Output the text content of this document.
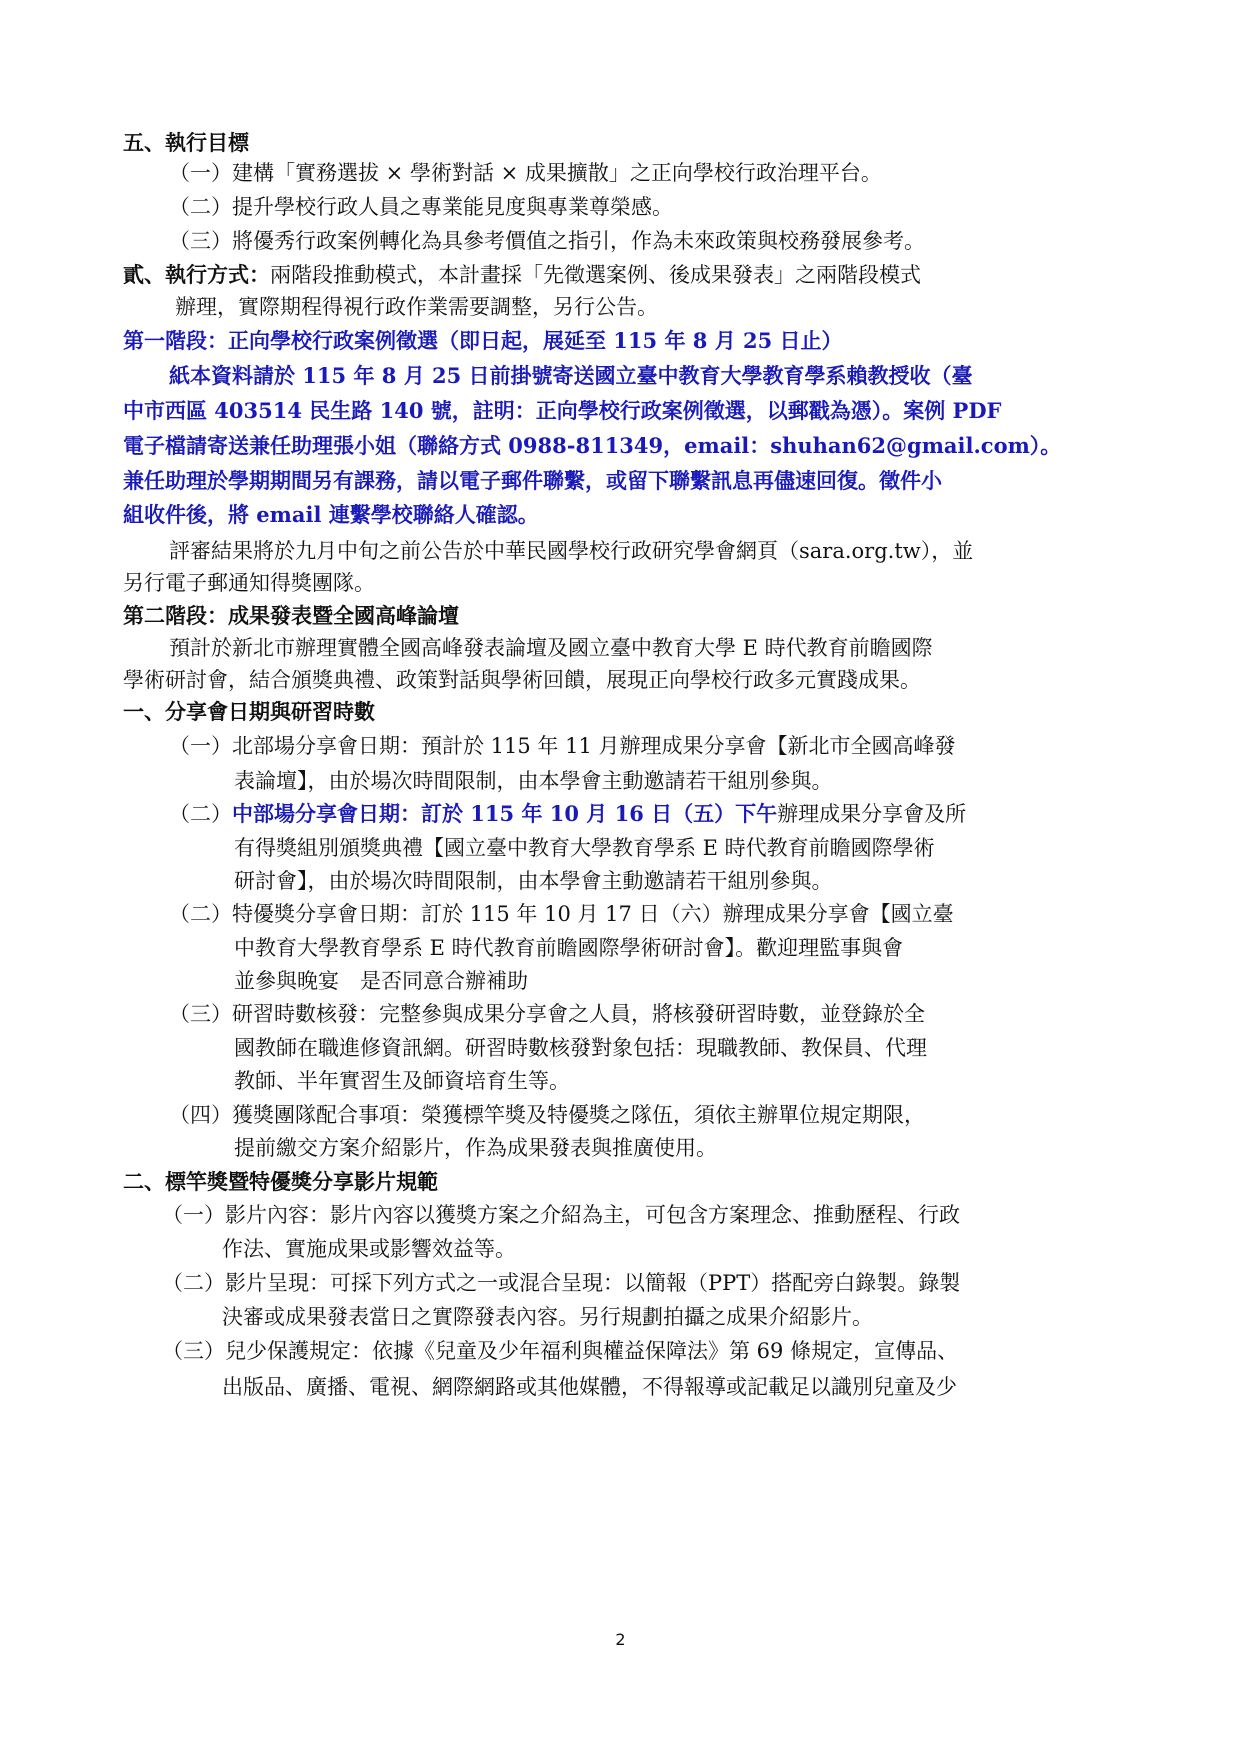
五、執行目標
（一）建構「實務選拔 × 學術對話 × 成果擴散」之正向學校行政治理平台。
（二）提升學校行政人員之專業能見度與專業尊榮感。
（三）將優秀行政案例轉化為具參考價值之指引，作為未來政策與校務發展參考。
貳、執行方式：兩階段推動模式，本計畫採「先徵選案例、後成果發表」之兩階段模式
辦理，實際期程得視行政作業需要調整，另行公告。
第一階段：正向學校行政案例徵選（即日起，展延至 115 年 8 月 25 日止）
紙本資料請於 115 年 8 月 25 日前掛號寄送國立臺中教育大學教育學系賴教授收（臺
中市西區 403514 民生路 140 號，註明：正向學校行政案例徵選，以郵戳為憑）。案例 PDF
電子檔請寄送兼任助理張小姐（聯絡方式 0988-811349，email：shuhan62@gmail.com）。
兼任助理於學期期間另有課務，請以電子郵件聯繫，或留下聯繫訊息再儘速回復。徵件小
組收件後，將 email 連繫學校聯絡人確認。
評審結果將於九月中旬之前公告於中華民國學校行政研究學會網頁（sara.org.tw），並
另行電子郵通知得獎團隊。
第二階段：成果發表暨全國高峰論壇
預計於新北市辦理實體全國高峰發表論壇及國立臺中教育大學 E 時代教育前瞻國際
學術研討會，結合頒獎典禮、政策對話與學術回饋，展現正向學校行政多元實踐成果。
一、分享會日期與研習時數
（一）北部場分享會日期：預計於 115 年 11 月辦理成果分享會【新北市全國高峰發
表論壇】，由於場次時間限制，由本學會主動邀請若干組別參與。
（二）中部場分享會日期：訂於 115 年 10 月 16 日（五）下午辦理成果分享會及所
有得獎組別頒獎典禮【國立臺中教育大學教育學系 E 時代教育前瞻國際學術
研討會】，由於場次時間限制，由本學會主動邀請若干組別參與。
（二）特優獎分享會日期：訂於 115 年 10 月 17 日（六）辦理成果分享會【國立臺
中教育大學教育學系 E 時代教育前瞻國際學術研討會】。歡迎理監事與會
並參與晚宴　是否同意合辦補助
（三）研習時數核發：完整參與成果分享會之人員，將核發研習時數，並登錄於全
國教師在職進修資訊網。研習時數核發對象包括：現職教師、教保員、代理
教師、半年實習生及師資培育生等。
（四）獲獎團隊配合事項：榮獲標竿獎及特優獎之隊伍，須依主辦單位規定期限，
提前繳交方案介紹影片，作為成果發表與推廣使用。
二、標竿獎暨特優獎分享影片規範
（一）影片內容：影片內容以獲獎方案之介紹為主，可包含方案理念、推動歷程、行政
作法、實施成果或影響效益等。
（二）影片呈現：可採下列方式之一或混合呈現：以簡報（PPT）搭配旁白錄製。錄製
決審或成果發表當日之實際發表內容。另行規劃拍攝之成果介紹影片。
（三）兒少保護規定：依據《兒童及少年福利與權益保障法》第 69 條規定，宣傳品、
出版品、廣播、電視、網際網路或其他媒體，不得報導或記載足以識別兒童及少
2
